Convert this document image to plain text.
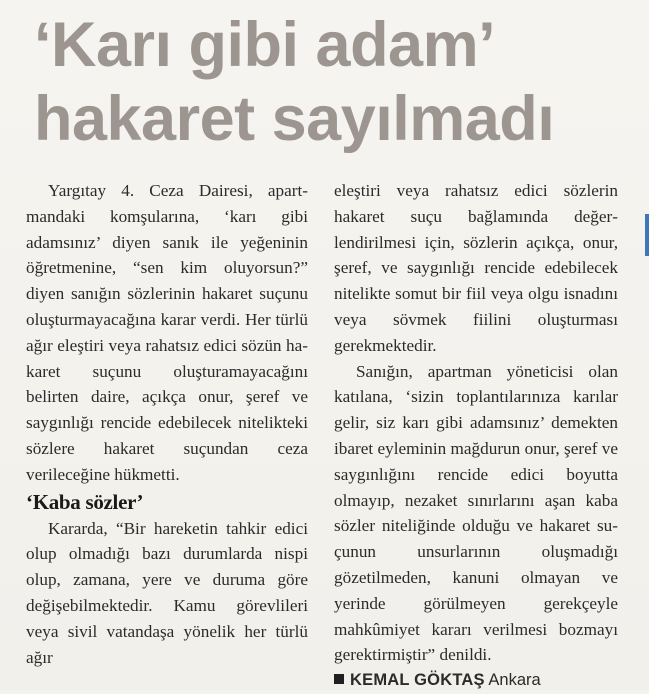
‘Karı gibi adam’
hakaret sayılmadı

Yargıtay 4. Ceza Dairesi, apartmandaki komşularına, ‘karı gibi adamsınız’ diyen sanık ile yeğeninin öğretmenine, “sen kim oluyorsun?” diyen sanığın sözlerinin hakaret suçunu oluşturmayacağına karar verdi. Her türlü ağır eleştiri veya rahatsız edici sözün hakaret suçunu oluşturamayacağını belirten daire, açıkça onur, şeref ve saygınlığı rencide edebilecek nitelikteki sözlere hakaret suçundan ceza verileceğine hükmetti.

‘Kaba sözler’

Kararda, “Bir hareketin tahkir edici olup olmadığı bazı durumlarda nispi olup, zamana, yere ve duruma göre değişebilmektedir. Kamu görevlileri veya sivil vatandaşa yönelik her türlü ağır

eleştiri veya rahatsız edici sözlerin hakaret suçu bağlamında değerlendirilmesi için, sözlerin açıkça, onur, şeref, ve saygınlığı rencide edebilecek nitelikte somut bir fiil veya olgu isnadını veya sövmek fiilini oluşturması gerekmektedir.

Sanığın, apartman yöneticisi olan katılana, ‘sizin toplantılarınıza karılar gelir, siz karı gibi adamsınız’ demekten ibaret eyleminin mağdurun onur, şeref ve saygınlığını rencide edici boyutta olmayıp, nezaket sınırlarını aşan kaba sözler niteliğinde olduğu ve hakaret suçunun unsurlarının oluşmadığı gözetilmeden, kanuni olmayan ve yerinde görülmeyen gerekçeyle mahkûmiyet kararı verilmesi bozmayı gerektirmiştir” denildi.

KEMAL GÖKTAŞ Ankara
